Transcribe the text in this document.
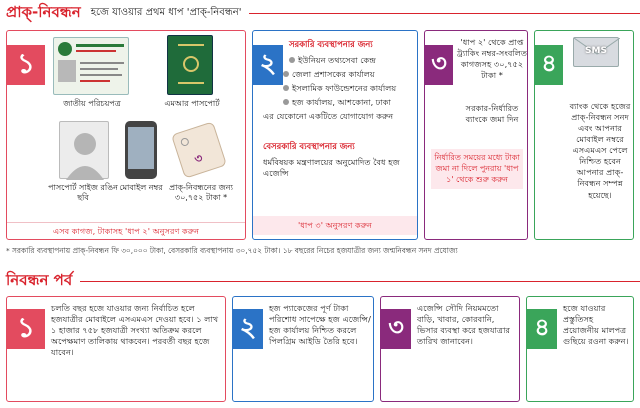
প্রাক্-নিবন্ধন হজে যাওয়ার প্রথম ধাপ 'প্রাক্-নিবন্ধন'
১
জাতীয় পরিচয়পত্র	এমআর পাসপোর্ট
পাসপোর্ট সাইজ রঙিন ছবি
মোবাইল নম্বর
৩
প্রাক্-নিবন্ধনের জন্য ৩০,৭৫২ টাকা *
এসব কাগজ, টাকাসহ 'ধাপ ২' অনুসরণ করুন
২
সরকারি ব্যবস্থাপনার জন্য
ইউনিয়ন তথ্যসেবা কেন্দ্র
জেলা প্রশাসকের কার্যালয়
ইসলামিক ফাউন্ডেশনের কার্যালয়
হজ কার্যালয়, আশকোনা, ঢাকা
এর যেকোনো একটিতে যোগাযোগ করুন
বেসরকারি ব্যবস্থাপনার জন্য
ধর্মবিষয়ক মন্ত্রণালয়ের অনুমোদিত বৈধ হজ এজেন্সি
'ধাপ ৩' অনুসরণ করুন
৩
'ধাপ ২' থেকে প্রাপ্ত ট্র্যাকিং নম্বর-সংবলিত কাগজসহ ৩০,৭৫২ টাকা *
সরকার-নির্ধারিত ব্যাংকে জমা দিন
নির্ধারিত সময়ের মধ্যে টাকা জমা না দিলে পুনরায় 'ধাপ ১' থেকে শুরু করুন
৪	SMS
ব্যাংক থেকে হজের প্রাক্-নিবন্ধন সনদ এবং আপনার মোবাইল নম্বরে এসএমএস পেলে নিশ্চিত হবেন আপনার প্রাক্-নিবন্ধন সম্পন্ন হয়েছে।
* সরকারি ব্যবস্থাপনায় প্রাক্-নিবন্ধন ফি ৩০,০০০ টাকা, বেসরকারি ব্যবস্থাপনায় ৩০,৭৫২ টাকা। ১৮ বছরের নিচের হজযাত্রীর জন্য জন্মনিবন্ধন সনদ প্রযোজ্য
নিবন্ধন পর্ব
১
চলতি বছর হজে যাওয়ার জন্য নির্বাচিত হলে হজযাত্রীর মোবাইলে এসএমএস দেওয়া হবে। ১ লাখ ১ হাজার ৭৫৮ হজযাত্রী সংখ্যা অতিক্রম করলে অপেক্ষমাণ তালিকায় থাকবেন। পরবর্তী বছর হজে যাবেন।
২
হজ প্যাকেজের পূর্ণ টাকা পরিশোধ সাপেক্ষে হজ এজেন্সি/ হজ কার্যালয় নিশ্চিত করলে পিলগ্রিম আইডি তৈরি হবে।
৩
এজেন্সি সৌদি নিয়মমতো বাড়ি, খাবার, কোরবানি, ভিসার ব্যবস্থা করে হজযাত্রার তারিখ জানাবেন।
৪
হজে যাওয়ার প্রস্তুতিসহ প্রয়োজনীয় মালপত্র গুছিয়ে রওনা করুন।
